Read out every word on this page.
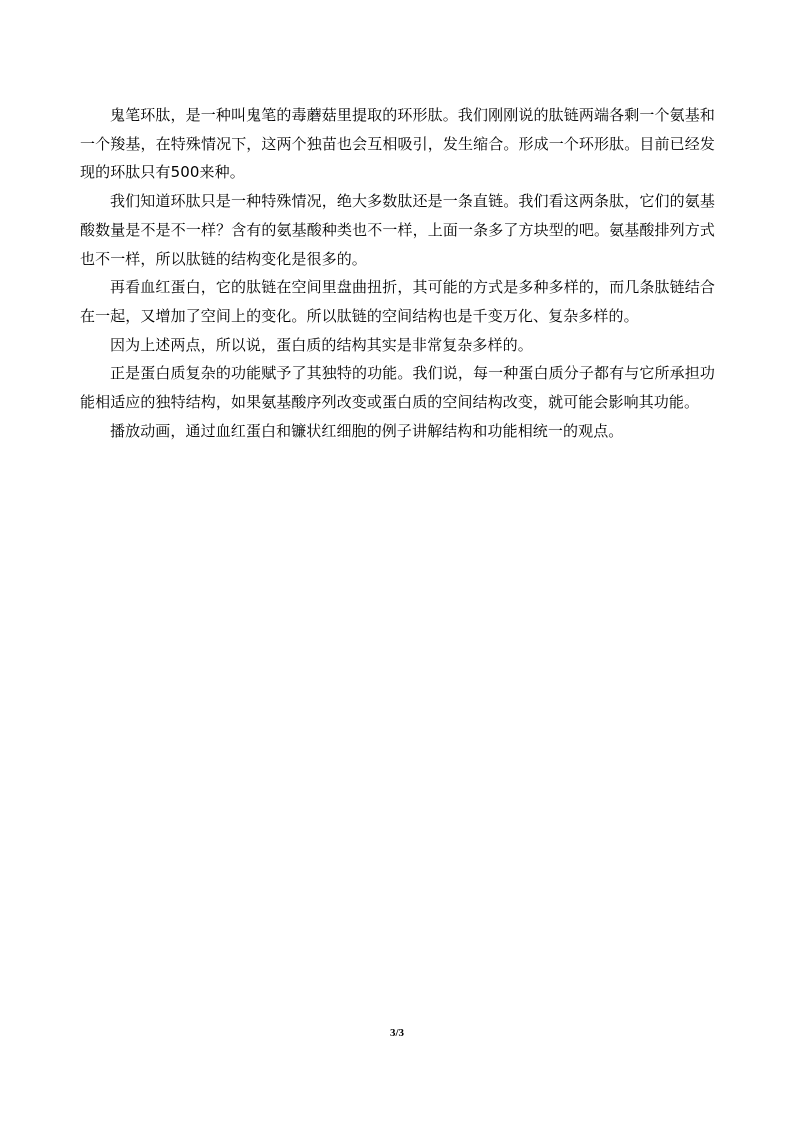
鬼笔环肽，是一种叫鬼笔的毒蘑菇里提取的环形肽。我们刚刚说的肽链两端各剩一个氨基和一个羧基，在特殊情况下，这两个独苗也会互相吸引，发生缩合。形成一个环形肽。目前已经发现的环肽只有500来种。

我们知道环肽只是一种特殊情况，绝大多数肽还是一条直链。我们看这两条肽，它们的氨基酸数量是不是不一样？含有的氨基酸种类也不一样，上面一条多了方块型的吧。氨基酸排列方式也不一样，所以肽链的结构变化是很多的。

再看血红蛋白，它的肽链在空间里盘曲扭折，其可能的方式是多种多样的，而几条肽链结合在一起，又增加了空间上的变化。所以肽链的空间结构也是千变万化、复杂多样的。

因为上述两点，所以说，蛋白质的结构其实是非常复杂多样的。

正是蛋白质复杂的功能赋予了其独特的功能。我们说，每一种蛋白质分子都有与它所承担功能相适应的独特结构，如果氨基酸序列改变或蛋白质的空间结构改变，就可能会影响其功能。

播放动画，通过血红蛋白和镰状红细胞的例子讲解结构和功能相统一的观点。

3/3
